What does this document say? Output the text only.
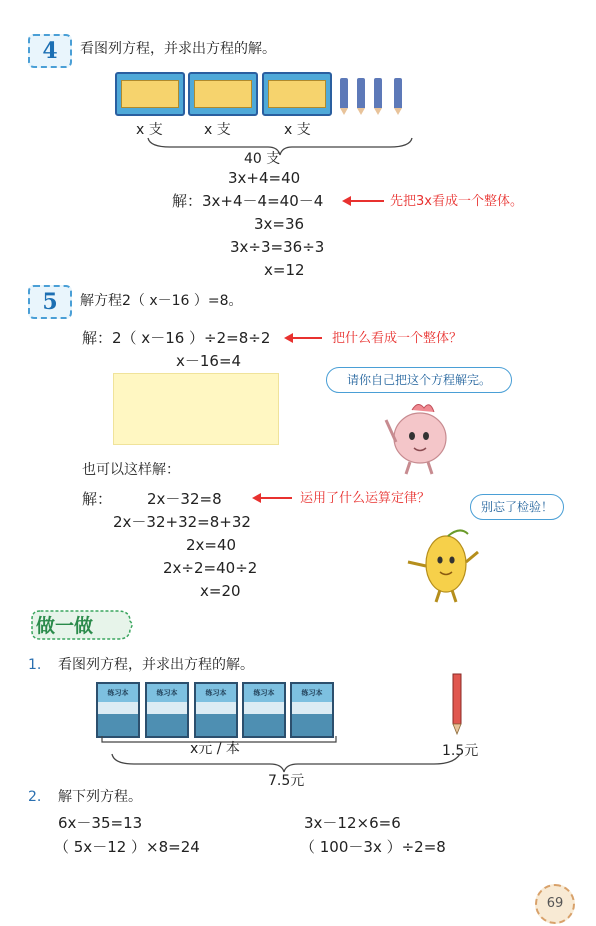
4	看图列方程，并求出方程的解。
x 支	x 支	x 支
40 支
3x+4=40
解：3x+4－4=40－4
3x=36
3x÷3=36÷3
x=12
先把3x看成一个整体。
5	解方程2（ x－16 ）=8。
解：2（ x－16 ）÷2=8÷2
x－16=4
把什么看成一个整体？
请你自己把这个方程解完。
也可以这样解：
解： 2x－32=8
2x－32+32=8+32
2x=40
2x÷2=40÷2
x=20
运用了什么运算定律？
别忘了检验！
做一做
1. 看图列方程，并求出方程的解。
练习本	练习本	练习本	练习本	练习本
x元 / 本	1.5元
7.5元
2. 解下列方程。
6x－35=13	3x－12×6=6
（ 5x－12 ）×8=24	（ 100－3x ）÷2=8
69
